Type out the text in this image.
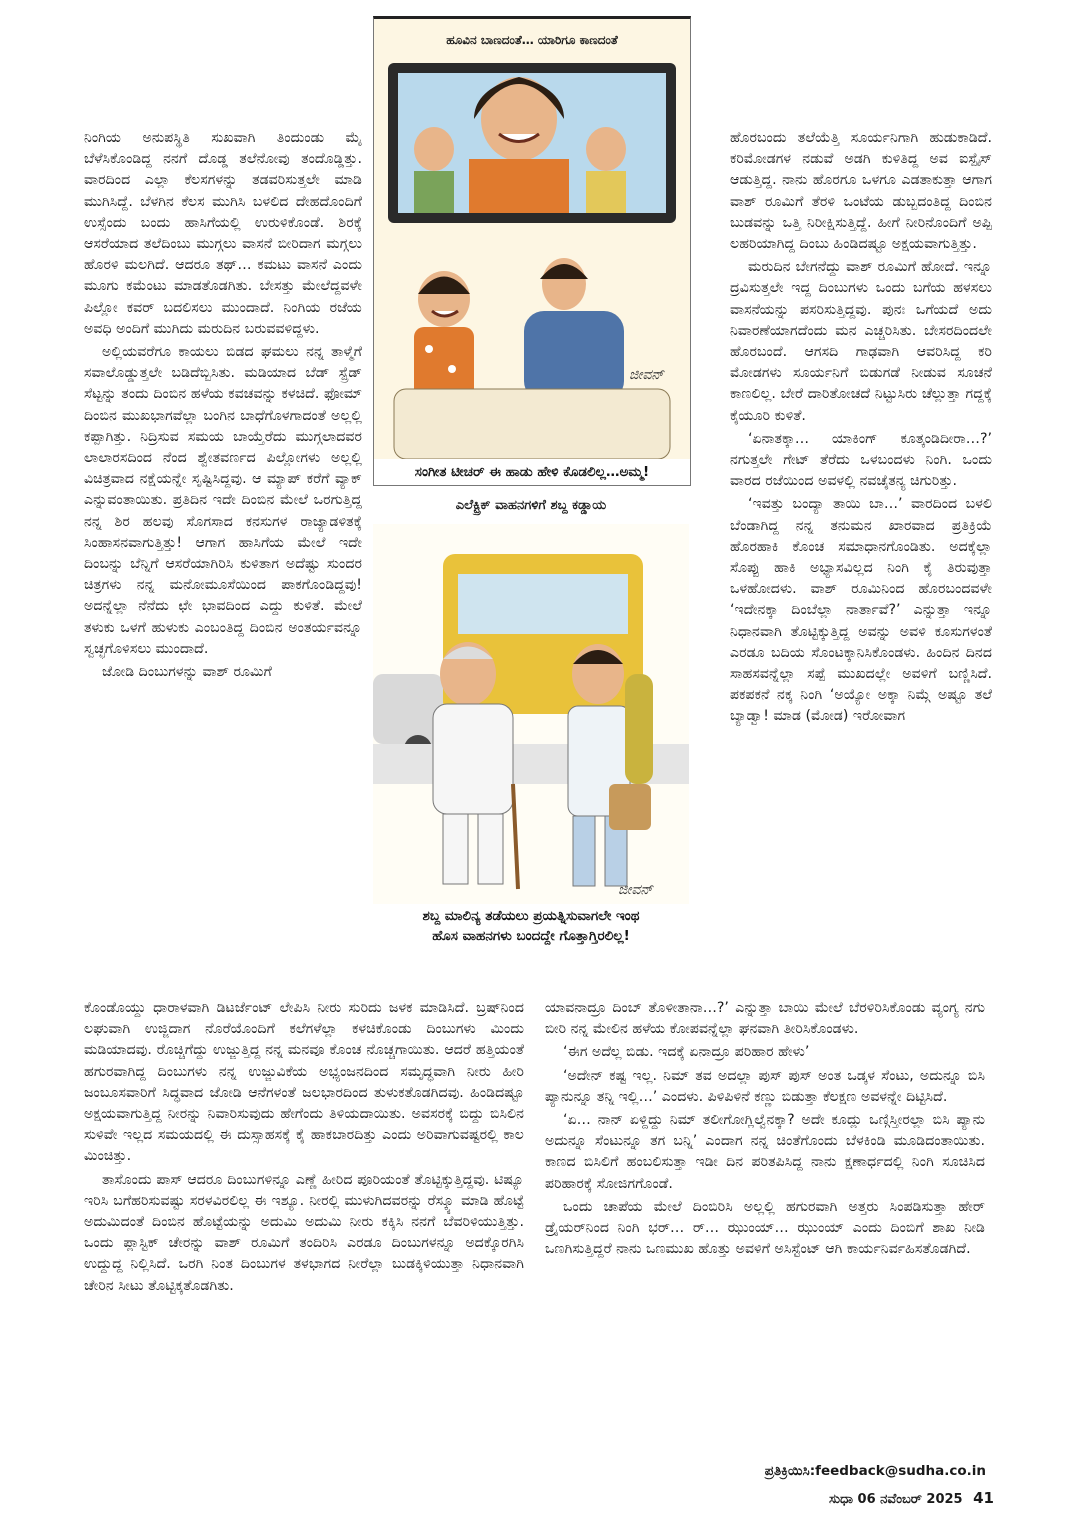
ನಿಂಗಿಯ ಅನುಪಸ್ಥಿತಿ ಸುಖವಾಗಿ ತಿಂದುಂಡು ಮೈ ಬೆಳೆಸಿಕೊಂಡಿದ್ದ ನನಗೆ ದೊಡ್ಡ ತಲೆನೋವು ತಂದೊಡ್ಡಿತ್ತು. ವಾರದಿಂದ ಎಲ್ಲಾ ಕೆಲಸಗಳನ್ನು ತಡವರಿಸುತ್ತಲೇ ಮಾಡಿ ಮುಗಿಸಿದ್ದೆ. ಬೆಳಗಿನ ಕೆಲಸ ಮುಗಿಸಿ ಬಳಲಿದ ದೇಹದೊಂದಿಗೆ ಉಸ್ಸೆಂದು ಬಂದು ಹಾಸಿಗೆಯಲ್ಲಿ ಉರುಳಿಕೊಂಡೆ. ಶಿರಕ್ಕೆ ಆಸರೆಯಾದ ತಲೆದಿಂಬು ಮುಗ್ಗಲು ವಾಸನೆ ಬೀರಿದಾಗ ಮಗ್ಗಲು ಹೊರಳಿ ಮಲಗಿದೆ. ಆದರೂ ತಥ್… ಕಮಟು ವಾಸನೆ ಎಂದು ಮೂಗು ಕಮೆಂಟು ಮಾಡತೊಡಗಿತು. ಬೇಸತ್ತು ಮೇಲೆದ್ದವಳೇ ಪಿಲ್ಲೋ ಕವರ್ ಬದಲಿಸಲು ಮುಂದಾದೆ. ನಿಂಗಿಯ ರಜೆಯ ಅವಧಿ ಅಂದಿಗೆ ಮುಗಿದು ಮರುದಿನ ಬರುವವಳಿದ್ದಳು.

ಅಲ್ಲಿಯವರೆಗೂ ಕಾಯಲು ಬಿಡದ ಘಮಲು ನನ್ನ ತಾಳ್ಮೆಗೆ ಸವಾಲೊಡ್ಡುತ್ತಲೇ ಬಡಿದೆಬ್ಬಿಸಿತು. ಮಡಿಯಾದ ಬೆಡ್ ಸ್ಪ್ರೆಡ್ ಸೆಟ್ಟನ್ನು ತಂದು ದಿಂಬಿನ ಹಳೆಯ ಕವಚವನ್ನು ಕಳಚಿದೆ. ಫೋಮ್ ದಿಂಬಿನ ಮುಖಭಾಗವೆಲ್ಲಾ ಬಂಗಿನ ಬಾಧೆಗೊಳಗಾದಂತೆ ಅಲ್ಲಲ್ಲಿ ಕಪ್ಪಾಗಿತ್ತು. ನಿದ್ರಿಸುವ ಸಮಯ ಬಾಯ್ತೆರೆದು ಮುಗ್ಗಲಾದವರ ಲಾಲಾರಸದಿಂದ ನೆಂದ ಶ್ವೇತವರ್ಣದ ಪಿಲ್ಲೋಗಳು ಅಲ್ಲಲ್ಲಿ ವಿಚಿತ್ರವಾದ ನಕ್ಷೆಯನ್ನೇ ಸೃಷ್ಟಿಸಿದ್ದವು. ಆ ಮ್ಯಾಪ್ ಕರೆಗೆ ವ್ಯಾಕ್ ಎನ್ನುವಂತಾಯಿತು. ಪ್ರತಿದಿನ ಇದೇ ದಿಂಬಿನ ಮೇಲೆ ಒರಗುತ್ತಿದ್ದ ನನ್ನ ಶಿರ ಹಲವು ಸೊಗಸಾದ ಕನಸುಗಳ ರಾಜ್ಯಾಡಳಿತಕ್ಕೆ ಸಿಂಹಾಸನವಾಗುತ್ತಿತ್ತು! ಆಗಾಗ ಹಾಸಿಗೆಯ ಮೇಲೆ ಇದೇ ದಿಂಬನ್ನು ಬೆನ್ನಿಗೆ ಆಸರೆಯಾಗಿರಿಸಿ ಕುಳಿತಾಗ ಅದೆಷ್ಟು ಸುಂದರ ಚಿತ್ರಗಳು ನನ್ನ ಮನೋಮೂಸೆಯಿಂದ ಪಾಕಗೊಂಡಿದ್ದವು! ಅದನ್ನೆಲ್ಲಾ ನೆನೆದು ಛೇ ಭಾವದಿಂದ ಎದ್ದು ಕುಳಿತೆ. ಮೇಲೆ ತಳುಕು ಒಳಗೆ ಹುಳುಕು ಎಂಬಂತಿದ್ದ ದಿಂಬಿನ ಅಂತರ್ಯವನ್ನೂ ಸ್ವಚ್ಛಗೊಳಿಸಲು ಮುಂದಾದೆ.

ಜೋಡಿ ದಿಂಬುಗಳನ್ನು ವಾಶ್ ರೂಮಿಗೆ

ಹೂವಿನ ಬಾಣದಂತೆ… ಯಾರಿಗೂ ಕಾಣದಂತೆ
ಜೀವನ್
ಸಂಗೀತ ಟೀಚರ್ ಈ ಹಾಡು ಹೇಳಿ ಕೊಡಲಿಲ್ಲ…ಅಮ್ಮ!
ಎಲೆಕ್ಟ್ರಿಕ್ ವಾಹನಗಳಿಗೆ ಶಬ್ದ ಕಡ್ಡಾಯ
ಜೀವನ್
ಶಬ್ದ ಮಾಲಿನ್ಯ ತಡೆಯಲು ಪ್ರಯತ್ನಿಸುವಾಗಲೇ ಇಂಥ
ಹೊಸ ವಾಹನಗಳು ಬಂದದ್ದೇ ಗೊತ್ತಾಗ್ತಿರಲಿಲ್ಲ!

ಹೊರಬಂದು ತಲೆಯೆತ್ತಿ ಸೂರ್ಯನಿಗಾಗಿ ಹುಡುಕಾಡಿದೆ. ಕರಿಮೋಡಗಳ ನಡುವೆ ಅಡಗಿ ಕುಳಿತಿದ್ದ ಅವ ಐಸ್ಪೈಸ್ ಆಡುತ್ತಿದ್ದ. ನಾನು ಹೊರಗೂ ಒಳಗೂ ಎಡತಾಕುತ್ತಾ ಆಗಾಗ ವಾಶ್ ರೂಮಿಗೆ ತೆರಳಿ ಒಂಟೆಯ ಡುಬ್ಬದಂತಿದ್ದ ದಿಂಬಿನ ಬುಡವನ್ನು ಒತ್ತಿ ನಿರೀಕ್ಷಿಸುತ್ತಿದ್ದೆ. ಹೀಗೆ ನೀರಿನೊಂದಿಗೆ ಅಪ್ಪಿ ಲಹರಿಯಾಗಿದ್ದ ದಿಂಬು ಹಿಂಡಿದಷ್ಟೂ ಅಕ್ಷಯವಾಗುತ್ತಿತ್ತು.

ಮರುದಿನ ಬೇಗನೆದ್ದು ವಾಶ್ ರೂಮಿಗೆ ಹೋದೆ. ಇನ್ನೂ ದ್ರವಿಸುತ್ತಲೇ ಇದ್ದ ದಿಂಬುಗಳು ಒಂದು ಬಗೆಯ ಹಳಸಲು ವಾಸನೆಯನ್ನು ಪಸರಿಸುತ್ತಿದ್ದವು. ಪುನಃ ಒಗೆಯದೆ ಅದು ನಿವಾರಣೆಯಾಗದೆಂದು ಮನ ಎಚ್ಚರಿಸಿತು. ಬೇಸರದಿಂದಲೇ ಹೊರಬಂದೆ. ಆಗಸದಿ ಗಾಢವಾಗಿ ಆವರಿಸಿದ್ದ ಕರಿ ಮೋಡಗಳು ಸೂರ್ಯನಿಗೆ ಬಿಡುಗಡೆ ನೀಡುವ ಸೂಚನೆ ಕಾಣಲಿಲ್ಲ. ಬೇರೆ ದಾರಿತೋಚದೆ ನಿಟ್ಟುಸಿರು ಚೆಲ್ಲುತ್ತಾ ಗದ್ದಕ್ಕೆ ಕೈಯೂರಿ ಕುಳಿತೆ.

‘ಏನಾತಕ್ಕಾ… ಯಾಕಿಂಗ್ ಕೂತ್ಕಂಡಿದೀರಾ…?’ ನಗುತ್ತಲೇ ಗೇಟ್ ತೆರೆದು ಒಳಬಂದಳು ನಿಂಗಿ. ಒಂದು ವಾರದ ರಜೆಯಿಂದ ಅವಳಲ್ಲಿ ನವಚೈತನ್ಯ ಚಿಗುರಿತ್ತು.

‘ಇವತ್ತು ಬಂದ್ಯಾ ತಾಯಿ ಬಾ…’ ವಾರದಿಂದ ಬಳಲಿ ಬೆಂಡಾಗಿದ್ದ ನನ್ನ ತನುಮನ ಖಾರವಾದ ಪ್ರತಿಕ್ರಿಯೆ ಹೊರಹಾಕಿ ಕೊಂಚ ಸಮಾಧಾನಗೊಂಡಿತು. ಅದಕ್ಕೆಲ್ಲಾ ಸೊಪ್ಪು ಹಾಕಿ ಅಭ್ಯಾಸವಿಲ್ಲದ ನಿಂಗಿ ಕೈ ತಿರುವುತ್ತಾ ಒಳಹೋದಳು. ವಾಶ್ ರೂಮಿನಿಂದ ಹೊರಬಂದವಳೇ ‘ಇದೇನಕ್ಕಾ ದಿಂಬೆಲ್ಲಾ ನಾರ್ತಾವೆ?’ ಎನ್ನುತ್ತಾ ಇನ್ನೂ ನಿಧಾನವಾಗಿ ತೊಟ್ಟಿಕ್ಕುತ್ತಿದ್ದ ಅವನ್ನು ಅವಳಿ ಕೂಸುಗಳಂತೆ ಎರಡೂ ಬದಿಯ ಸೊಂಟಕ್ಕಾನಿಸಿಕೊಂಡಳು. ಹಿಂದಿನ ದಿನದ ಸಾಹಸವನ್ನೆಲ್ಲಾ ಸಪ್ಪೆ ಮುಖದಲ್ಲೇ ಅವಳಿಗೆ ಬಣ್ಣಿಸಿದೆ. ಪಕಪಕನೆ ನಕ್ಕ ನಿಂಗಿ ‘ಅಯ್ಯೋ ಅಕ್ಕಾ ನಿಮ್ಗೆ ಅಷ್ಟೂ ತಲೆ ಬ್ಯಾಡ್ವಾ! ಮಾಡ (ಮೋಡ) ಇರೋವಾಗ

ಕೊಂಡೊಯ್ದು ಧಾರಾಳವಾಗಿ ಡಿಟರ್ಜೆಂಟ್ ಲೇಪಿಸಿ ನೀರು ಸುರಿದು ಜಳಕ ಮಾಡಿಸಿದೆ. ಬ್ರಷ್‌ನಿಂದ ಲಘುವಾಗಿ ಉಜ್ಜಿದಾಗ ನೊರೆಯೊಂದಿಗೆ ಕಲೆಗಳೆಲ್ಲಾ ಕಳಚಿಕೊಂಡು ದಿಂಬುಗಳು ಮಿಂದು ಮಡಿಯಾದವು. ರೊಚ್ಚಿಗೆದ್ದು ಉಜ್ಜುತ್ತಿದ್ದ ನನ್ನ ಮನವೂ ಕೊಂಚ ನೊಚ್ಚಗಾಯಿತು. ಆದರೆ ಹತ್ತಿಯಂತೆ ಹಗುರವಾಗಿದ್ದ ದಿಂಬುಗಳು ನನ್ನ ಉಜ್ಜುವಿಕೆಯ ಅಭ್ಯಂಜನದಿಂದ ಸಮೃದ್ಧವಾಗಿ ನೀರು ಹೀರಿ ಜಂಬೂಸವಾರಿಗೆ ಸಿದ್ಧವಾದ ಜೋಡಿ ಆನೆಗಳಂತೆ ಜಲಭಾರದಿಂದ ತುಳುಕತೊಡಗಿದವು. ಹಿಂಡಿದಷ್ಟೂ ಅಕ್ಷಯವಾಗುತ್ತಿದ್ದ ನೀರನ್ನು ನಿವಾರಿಸುವುದು ಹೇಗೆಂದು ತಿಳಿಯದಾಯಿತು. ಅವಸರಕ್ಕೆ ಬಿದ್ದು ಬಿಸಿಲಿನ ಸುಳಿವೇ ಇಲ್ಲದ ಸಮಯದಲ್ಲಿ ಈ ದುಸ್ಸಾಹಸಕ್ಕೆ ಕೈ ಹಾಕಬಾರದಿತ್ತು ಎಂದು ಅರಿವಾಗುವಷ್ಟರಲ್ಲಿ ಕಾಲ ಮಿಂಚಿತ್ತು.

ತಾಸೊಂದು ಪಾಸ್ ಆದರೂ ದಿಂಬುಗಳಿನ್ನೂ ಎಣ್ಣೆ ಹೀರಿದ ಪೂರಿಯಂತೆ ತೊಟ್ಟಿಕ್ಕುತ್ತಿದ್ದವು. ಟಿಷ್ಯೂ ಇರಿಸಿ ಬಗೆಹರಿಸುವಷ್ಟು ಸರಳವಿರಲಿಲ್ಲ ಈ ಇಶ್ಯೂ. ನೀರಲ್ಲಿ ಮುಳುಗಿದವರನ್ನು ರೆಸ್ಕ್ಯೂ ಮಾಡಿ ಹೊಟ್ಟೆ ಅದುಮಿದಂತೆ ದಿಂಬಿನ ಹೊಟ್ಟೆಯನ್ನು ಅದುಮಿ ಅದುಮಿ ನೀರು ಕಕ್ಕಿಸಿ ನನಗೆ ಬೆವರಿಳಿಯುತ್ತಿತ್ತು. ಒಂದು ಪ್ಲಾಸ್ಟಿಕ್ ಚೇರನ್ನು ವಾಶ್ ರೂಮಿಗೆ ತಂದಿರಿಸಿ ಎರಡೂ ದಿಂಬುಗಳನ್ನೂ ಅದಕ್ಕೊರಗಿಸಿ ಉದ್ದುದ್ದ ನಿಲ್ಲಿಸಿದೆ. ಒರಗಿ ನಿಂತ ದಿಂಬುಗಳ ತಳಭಾಗದ ನೀರೆಲ್ಲಾ ಬುಡಕ್ಕಿಳಿಯುತ್ತಾ ನಿಧಾನವಾಗಿ ಚೇರಿನ ಸೀಟು ತೊಟ್ಟಿಕ್ಕತೊಡಗಿತು.

ಯಾವನಾದ್ರೂ ದಿಂಬ್ ತೊಳೀತಾನಾ…?’ ಎನ್ನುತ್ತಾ ಬಾಯಿ ಮೇಲೆ ಬೆರಳಿರಿಸಿಕೊಂಡು ವ್ಯಂಗ್ಯ ನಗು ಬೀರಿ ನನ್ನ ಮೇಲಿನ ಹಳೆಯ ಕೋಪವನ್ನೆಲ್ಲಾ ಘನವಾಗಿ ತೀರಿಸಿಕೊಂಡಳು.

‘ಈಗ ಅದೆಲ್ಲ ಬಿಡು. ಇದಕ್ಕೆ ಏನಾದ್ರೂ ಪರಿಹಾರ ಹೇಳು’

‘ಅದೇನ್ ಕಷ್ಟ ಇಲ್ಲ. ನಿಮ್ ತವ ಅದಲ್ಲಾ ಪುಸ್ ಪುಸ್ ಅಂತ ಒಡ್ಕಳ ಸೆಂಟು, ಅದುನ್ನೂ ಬಿಸಿ ಪ್ಯಾನುನ್ನೂ ತನ್ನಿ ಇಲ್ಲಿ…’ ಎಂದಳು. ಪಿಳಿಪಿಳಿನೆ ಕಣ್ಣು ಬಿಡುತ್ತಾ ಕೆಲಕ್ಷಣ ಅವಳನ್ನೇ ದಿಟ್ಟಿಸಿದೆ.

‘ಏ… ನಾನ್ ಏಳ್ದಿದ್ದು ನಿಮ್ ತಲೀಗೋಗ್ಲಿಲ್ವೆನಕ್ಕಾ? ಅದೇ ಕೂದ್ಲು ಒಣ್ಗಿಸ್ತೀರಲ್ಲಾ ಬಿಸಿ ಪ್ಯಾನು ಅದುನ್ನೂ ಸೆಂಟುನ್ನೂ ತಗ ಬನ್ನಿ’ ಎಂದಾಗ ನನ್ನ ಚಿಂತೆಗೊಂದು ಬೆಳಕಿಂಡಿ ಮೂಡಿದಂತಾಯಿತು. ಕಾಣದ ಬಿಸಿಲಿಗೆ ಹಂಬಲಿಸುತ್ತಾ ಇಡೀ ದಿನ ಪರಿತಪಿಸಿದ್ದ ನಾನು ಕ್ಷಣಾರ್ಧದಲ್ಲಿ ನಿಂಗಿ ಸೂಚಿಸಿದ ಪರಿಹಾರಕ್ಕೆ ಸೋಜಿಗಗೊಂಡೆ.

ಒಂದು ಚಾಪೆಯ ಮೇಲೆ ದಿಂಬಿರಿಸಿ ಅಲ್ಲಲ್ಲಿ ಹಗುರವಾಗಿ ಅತ್ತರು ಸಿಂಪಡಿಸುತ್ತಾ ಹೇರ್ ಡ್ರೈಯರ್‌ನಿಂದ ನಿಂಗಿ ಭರ್… ರ್… ಝುಂಯ್… ಝುಂಯ್ ಎಂದು ದಿಂಬಿಗೆ ಶಾಖ ನೀಡಿ ಒಣಗಿಸುತ್ತಿದ್ದರೆ ನಾನು ಒಣಮುಖ ಹೊತ್ತು ಅವಳಿಗೆ ಅಸಿಸ್ಟೆಂಟ್ ಆಗಿ ಕಾರ್ಯನಿರ್ವಹಿಸತೊಡಗಿದೆ.

ಪ್ರತಿಕ್ರಿಯಿಸಿ:feedback@sudha.co.in
ಸುಧಾ 06 ನವೆಂಬರ್ 2025 41
